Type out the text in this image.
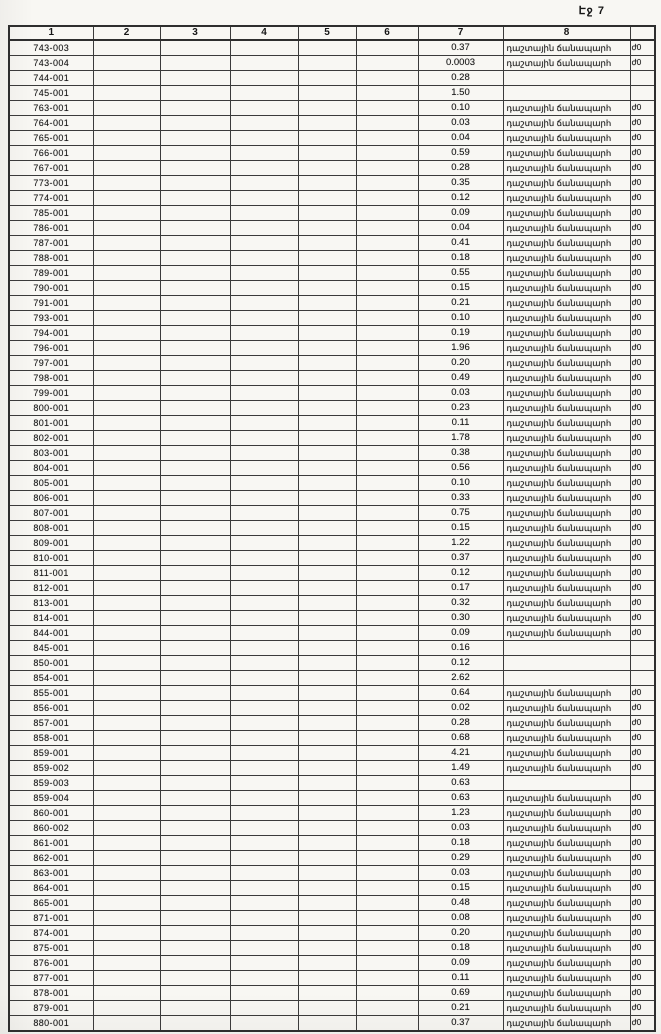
Էջ 7
1	2	3	4	5	6	7	8	
743-003						0.37	դաշտային ճանապարհ	ժ0
743-004						0.0003	դաշտային ճանապարհ	ժ0
744-001						0.28		
745-001						1.50		
763-001						0.10	դաշտային ճանապարհ	ժ0
764-001						0.03	դաշտային ճանապարհ	ժ0
765-001						0.04	դաշտային ճանապարհ	ժ0
766-001						0.59	դաշտային ճանապարհ	ժ0
767-001						0.28	դաշտային ճանապարհ	ժ0
773-001						0.35	դաշտային ճանապարհ	ժ0
774-001						0.12	դաշտային ճանապարհ	ժ0
785-001						0.09	դաշտային ճանապարհ	ժ0
786-001						0.04	դաշտային ճանապարհ	ժ0
787-001						0.41	դաշտային ճանապարհ	ժ0
788-001						0.18	դաշտային ճանապարհ	ժ0
789-001						0.55	դաշտային ճանապարհ	ժ0
790-001						0.15	դաշտային ճանապարհ	ժ0
791-001						0.21	դաշտային ճանապարհ	ժ0
793-001						0.10	դաշտային ճանապարհ	ժ0
794-001						0.19	դաշտային ճանապարհ	ժ0
796-001						1.96	դաշտային ճանապարհ	ժ0
797-001						0.20	դաշտային ճանապարհ	ժ0
798-001						0.49	դաշտային ճանապարհ	ժ0
799-001						0.03	դաշտային ճանապարհ	ժ0
800-001						0.23	դաշտային ճանապարհ	ժ0
801-001						0.11	դաշտային ճանապարհ	ժ0
802-001						1.78	դաշտային ճանապարհ	ժ0
803-001						0.38	դաշտային ճանապարհ	ժ0
804-001						0.56	դաշտային ճանապարհ	ժ0
805-001						0.10	դաշտային ճանապարհ	ժ0
806-001						0.33	դաշտային ճանապարհ	ժ0
807-001						0.75	դաշտային ճանապարհ	ժ0
808-001						0.15	դաշտային ճանապարհ	ժ0
809-001						1.22	դաշտային ճանապարհ	ժ0
810-001						0.37	դաշտային ճանապարհ	ժ0
811-001						0.12	դաշտային ճանապարհ	ժ0
812-001						0.17	դաշտային ճանապարհ	ժ0
813-001						0.32	դաշտային ճանապարհ	ժ0
814-001						0.30	դաշտային ճանապարհ	ժ0
844-001						0.09	դաշտային ճանապարհ	ժ0
845-001						0.16		
850-001						0.12		
854-001						2.62		
855-001						0.64	դաշտային ճանապարհ	ժ0
856-001						0.02	դաշտային ճանապարհ	ժ0
857-001						0.28	դաշտային ճանապարհ	ժ0
858-001						0.68	դաշտային ճանապարհ	ժ0
859-001						4.21	դաշտային ճանապարհ	ժ0
859-002						1.49	դաշտային ճանապարհ	ժ0
859-003						0.63		
859-004						0.63	դաշտային ճանապարհ	ժ0
860-001						1.23	դաշտային ճանապարհ	ժ0
860-002						0.03	դաշտային ճանապարհ	ժ0
861-001						0.18	դաշտային ճանապարհ	ժ0
862-001						0.29	դաշտային ճանապարհ	ժ0
863-001						0.03	դաշտային ճանապարհ	ժ0
864-001						0.15	դաշտային ճանապարհ	ժ0
865-001						0.48	դաշտային ճանապարհ	ժ0
871-001						0.08	դաշտային ճանապարհ	ժ0
874-001						0.20	դաշտային ճանապարհ	ժ0
875-001						0.18	դաշտային ճանապարհ	ժ0
876-001						0.09	դաշտային ճանապարհ	ժ0
877-001						0.11	դաշտային ճանապարհ	ժ0
878-001						0.69	դաշտային ճանապարհ	ժ0
879-001						0.21	դաշտային ճանապարհ	ժ0
880-001						0.37	դաշտային ճանապարհ	ժ0
